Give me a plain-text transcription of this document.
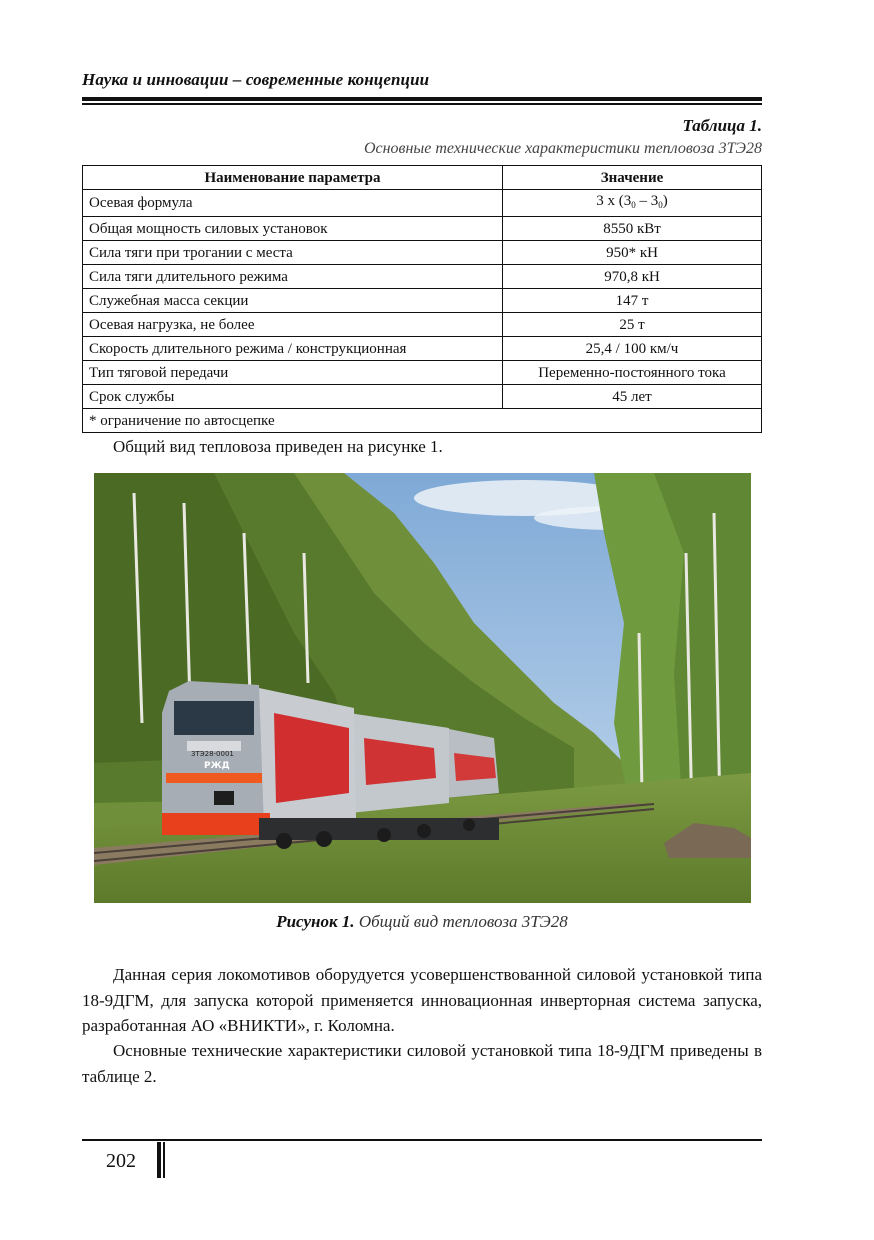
Наука и инновации – современные концепции
Таблица 1.
Основные технические характеристики тепловоза 3ТЭ28
Наименование параметра	Значение
Осевая формула	3 х $(3_0 - 3_0)$
Общая мощность силовых установок	8550 кВт
Сила тяги при трогании с места	950* кН
Сила тяги длительного режима	970,8 кН
Служебная масса секции	147 т
Осевая нагрузка, не более	25 т
Скорость длительного режима / конструкционная	25,4 / 100 км/ч
Тип тяговой передачи	Переменно-постоянного тока
Срок службы	45 лет
* ограничение по автосцепке	

Общий вид тепловоза приведен на рисунке 1.

3ТЭ28-0001
РЖД
Рисунок 1. Общий вид тепловоза 3ТЭ28

Данная серия локомотивов оборудуется усовершенствованной силовой установкой типа 18-9ДГМ, для запуска которой применяется инновационная инверторная система запуска, разработанная АО «ВНИКТИ», г. Коломна.

Основные технические характеристики силовой установкой типа 18-9ДГМ приведены в таблице 2.

202
